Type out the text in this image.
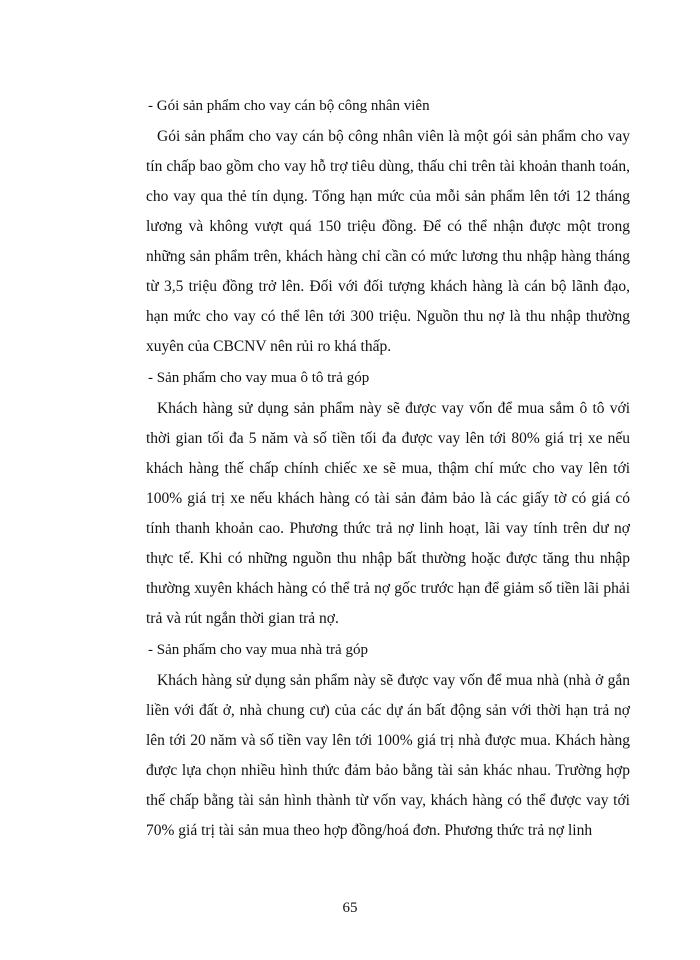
- Gói sản phẩm cho vay cán bộ công nhân viên

Gói sản phẩm cho vay cán bộ công nhân viên là một gói sản phẩm cho vay tín chấp bao gồm cho vay hỗ trợ tiêu dùng, thấu chi trên tài khoản thanh toán, cho vay qua thẻ tín dụng. Tổng hạn mức của mỗi sản phẩm lên tới 12 tháng lương và không vượt quá 150 triệu đồng. Để có thể nhận được một trong những sản phẩm trên, khách hàng chỉ cần có mức lương thu nhập hàng tháng từ 3,5 triệu đồng trở lên. Đối với đối tượng khách hàng là cán bộ lãnh đạo, hạn mức cho vay có thể lên tới 300 triệu. Nguồn thu nợ là thu nhập thường xuyên của CBCNV nên rủi ro khá thấp.

- Sản phẩm cho vay mua ô tô trả góp

Khách hàng sử dụng sản phẩm này sẽ được vay vốn để mua sắm ô tô với thời gian tối đa 5 năm và số tiền tối đa được vay lên tới 80% giá trị xe nếu khách hàng thế chấp chính chiếc xe sẽ mua, thậm chí mức cho vay lên tới 100% giá trị xe nếu khách hàng có tài sản đảm bảo là các giấy tờ có giá có tính thanh khoản cao. Phương thức trả nợ linh hoạt, lãi vay tính trên dư nợ thực tế. Khi có những nguồn thu nhập bất thường hoặc được tăng thu nhập thường xuyên khách hàng có thể trả nợ gốc trước hạn để giảm số tiền lãi phải trả và rút ngắn thời gian trả nợ.

- Sản phẩm cho vay mua nhà trả góp

Khách hàng sử dụng sản phẩm này sẽ được vay vốn để mua nhà (nhà ở gắn liền với đất ở, nhà chung cư) của các dự án bất động sản với thời hạn trả nợ lên tới 20 năm và số tiền vay lên tới 100% giá trị nhà được mua. Khách hàng được lựa chọn nhiều hình thức đảm bảo bằng tài sản khác nhau. Trường hợp thế chấp bằng tài sản hình thành từ vốn vay, khách hàng có thể được vay tới 70% giá trị tài sản mua theo hợp đồng/hoá đơn. Phương thức trả nợ linh

65
